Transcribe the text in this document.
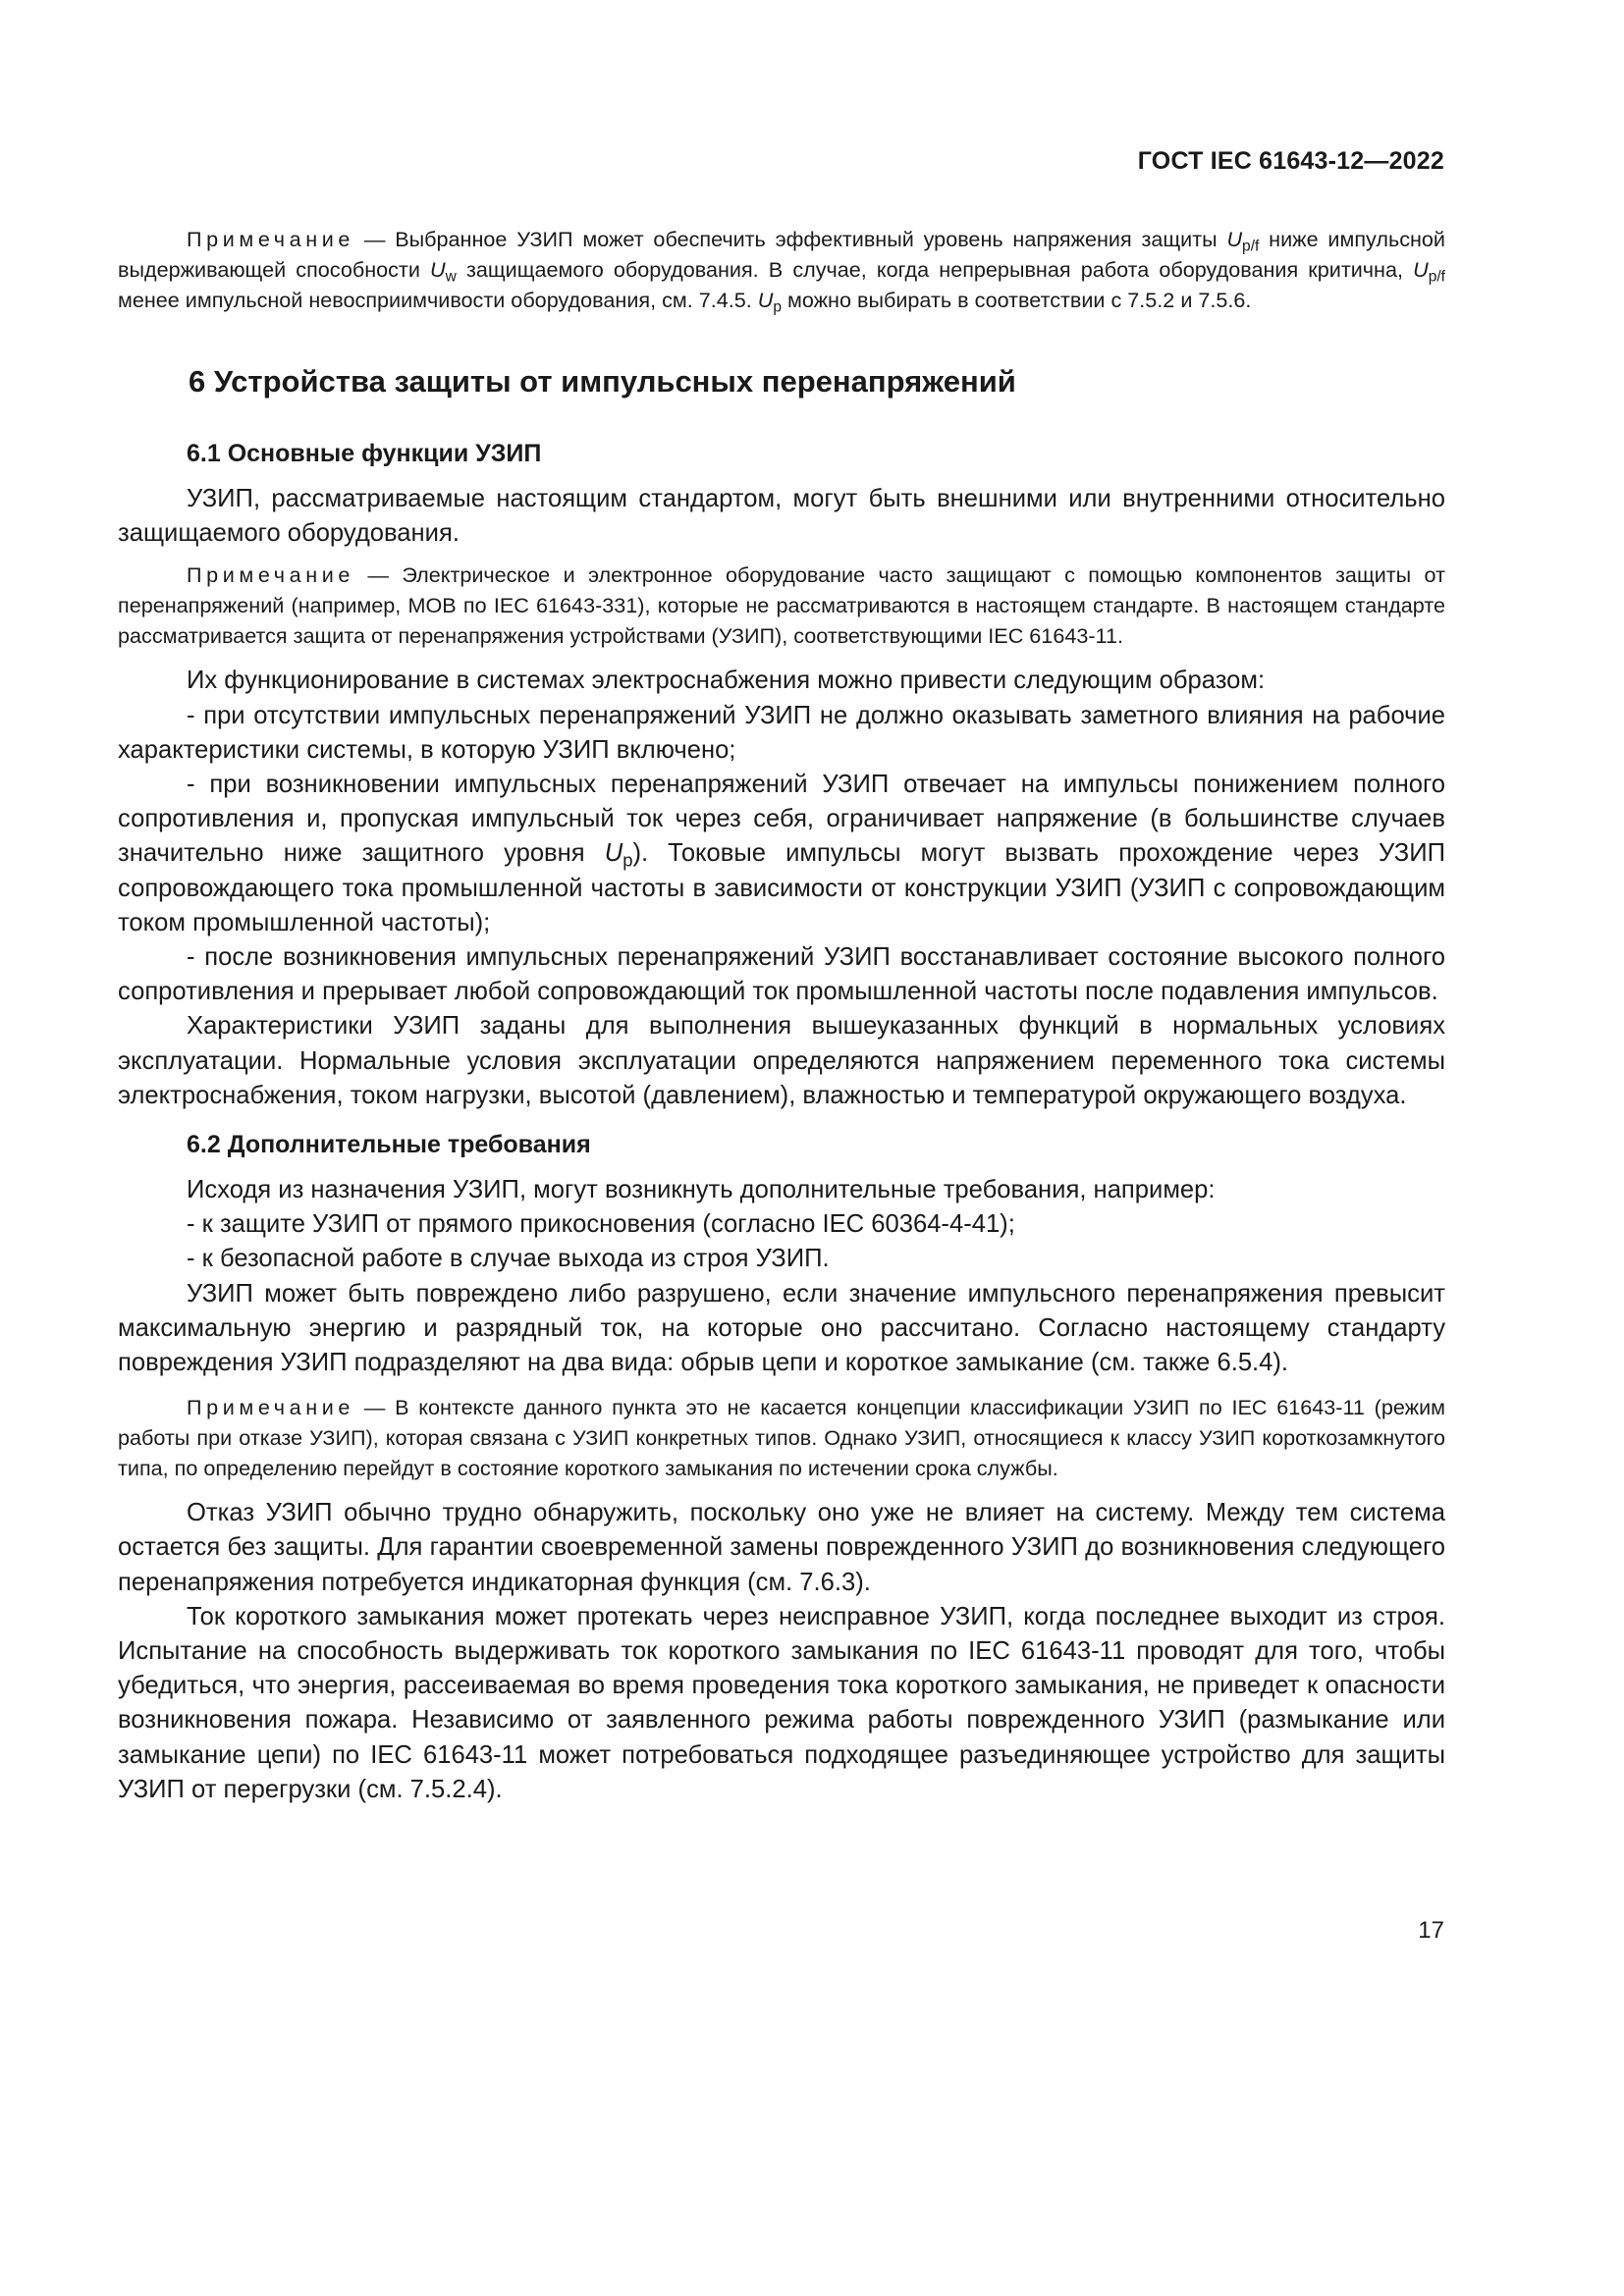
ГОСТ IEC 61643-12—2022

Примечание — Выбранное УЗИП может обеспечить эффективный уровень напряжения защиты $U_{p/f}$ ниже импульсной выдерживающей способности $U_w$ защищаемого оборудования. В случае, когда непрерывная работа оборудования критична, $U_{p/f}$ менее импульсной невосприимчивости оборудования, см. 7.4.5. $U_p$ можно выбирать в соответствии с 7.5.2 и 7.5.6.

6 Устройства защиты от импульсных перенапряжений
6.1 Основные функции УЗИП

УЗИП, рассматриваемые настоящим стандартом, могут быть внешними или внутренними относительно защищаемого оборудования.

Примечание — Электрическое и электронное оборудование часто защищают с помощью компонентов защиты от перенапряжений (например, МОВ по IEC 61643-331), которые не рассматриваются в настоящем стандарте. В настоящем стандарте рассматривается защита от перенапряжения устройствами (УЗИП), соответствующими IEC 61643-11.

Их функционирование в системах электроснабжения можно привести следующим образом:

- при отсутствии импульсных перенапряжений УЗИП не должно оказывать заметного влияния на рабочие характеристики системы, в которую УЗИП включено;

- при возникновении импульсных перенапряжений УЗИП отвечает на импульсы понижением полного сопротивления и, пропуская импульсный ток через себя, ограничивает напряжение (в большинстве случаев значительно ниже защитного уровня $U_p$). Токовые импульсы могут вызвать прохождение через УЗИП сопровождающего тока промышленной частоты в зависимости от конструкции УЗИП (УЗИП с сопровождающим током промышленной частоты);

- после возникновения импульсных перенапряжений УЗИП восстанавливает состояние высокого полного сопротивления и прерывает любой сопровождающий ток промышленной частоты после подавления импульсов.

Характеристики УЗИП заданы для выполнения вышеуказанных функций в нормальных условиях эксплуатации. Нормальные условия эксплуатации определяются напряжением переменного тока системы электроснабжения, током нагрузки, высотой (давлением), влажностью и температурой окружающего воздуха.

6.2 Дополнительные требования

Исходя из назначения УЗИП, могут возникнуть дополнительные требования, например:

- к защите УЗИП от прямого прикосновения (согласно IEC 60364-4-41);

- к безопасной работе в случае выхода из строя УЗИП.

УЗИП может быть повреждено либо разрушено, если значение импульсного перенапряжения превысит максимальную энергию и разрядный ток, на которые оно рассчитано. Согласно настоящему стандарту повреждения УЗИП подразделяют на два вида: обрыв цепи и короткое замыкание (см. также 6.5.4).

Примечание — В контексте данного пункта это не касается концепции классификации УЗИП по IEC 61643-11 (режим работы при отказе УЗИП), которая связана с УЗИП конкретных типов. Однако УЗИП, относящиеся к классу УЗИП короткозамкнутого типа, по определению перейдут в состояние короткого замыкания по истечении срока службы.

Отказ УЗИП обычно трудно обнаружить, поскольку оно уже не влияет на систему. Между тем система остается без защиты. Для гарантии своевременной замены поврежденного УЗИП до возникновения следующего перенапряжения потребуется индикаторная функция (см. 7.6.3).

Ток короткого замыкания может протекать через неисправное УЗИП, когда последнее выходит из строя. Испытание на способность выдерживать ток короткого замыкания по IEC 61643-11 проводят для того, чтобы убедиться, что энергия, рассеиваемая во время проведения тока короткого замыкания, не приведет к опасности возникновения пожара. Независимо от заявленного режима работы поврежденного УЗИП (размыкание или замыкание цепи) по IEC 61643-11 может потребоваться подходящее разъединяющее устройство для защиты УЗИП от перегрузки (см. 7.5.2.4).

17
